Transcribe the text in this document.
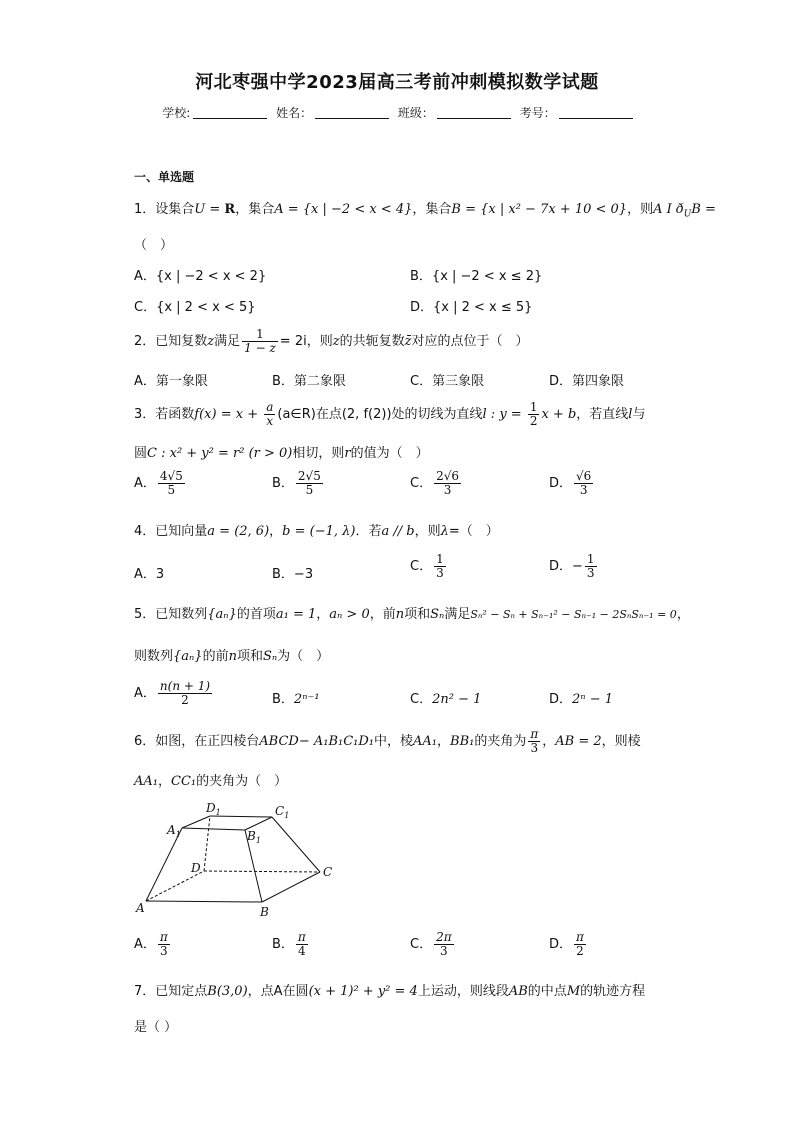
河北枣强中学2023届高三考前冲刺模拟数学试题
学校:	姓名：	班级：	考号：
一、单选题
1．设集合U = R，集合A = {x | −2 < x < 4}，集合B = {x | x² − 7x + 10 < 0}，则A I $ð_UB$ =
（　）
A．{x | −2 < x < 2}	B．{x | −2 < x ≤ 2}
C．{x | 2 < x < 5}	D．{x | 2 < x ≤ 5}
2．已知复数z满足 $\frac{1}{1 - z} = 2i$，则z的共轭复数z̄对应的点位于（　）
A．第一象限	B．第二象限	C．第三象限	D．第四象限
3．若函数$f(x) = x + \frac{a}{x}$ (a∈R)在点(2, f(2))处的切线为直线l : $y = \frac{1}{2}$ x + b，若直线l与
圆C : x² + y² = r² (r > 0)相切，则r的值为（　）
A． $\frac{4√5}{5}$	B． $\frac{2√5}{5}$	C． $\frac{2√6}{3}$	D． $\frac{√6}{3}$
4．已知向量a = (2, 6)，b = (−1, λ)．若a // b，则λ=（　）
A．3	B．−3
C． $\frac{1}{3}$	D．− $\frac{1}{3}$
5．已知数列{aₙ}的首项a₁ = 1，aₙ > 0，前n项和Sₙ满足Sₙ² − Sₙ + Sₙ₋₁² − Sₙ₋₁ − 2SₙSₙ₋₁ = 0，
则数列{aₙ}的前n项和Sₙ为（　）
A． $\frac{n(n + 1)}{2}$	B．2ⁿ⁻¹	C．2n² − 1	D．2ⁿ − 1
6．如图，在正四棱台ABCD− A₁B₁C₁D₁中，棱AA₁，BB₁的夹角为 $\frac{\pi}{3}$ ，AB = 2，则棱
AA₁，CC₁的夹角为（　）
A	B
C
D
$A_1$	$B_1$
$C_1$
$D_1$
A． $\frac{\pi}{3}$	B． $\frac{\pi}{4}$	C． $\frac{2\pi}{3}$	D． $\frac{\pi}{2}$
7．已知定点B(3,0)，点A在圆(x + 1)² + y² = 4上运动，则线段AB的中点M的轨迹方程
是（ ）
